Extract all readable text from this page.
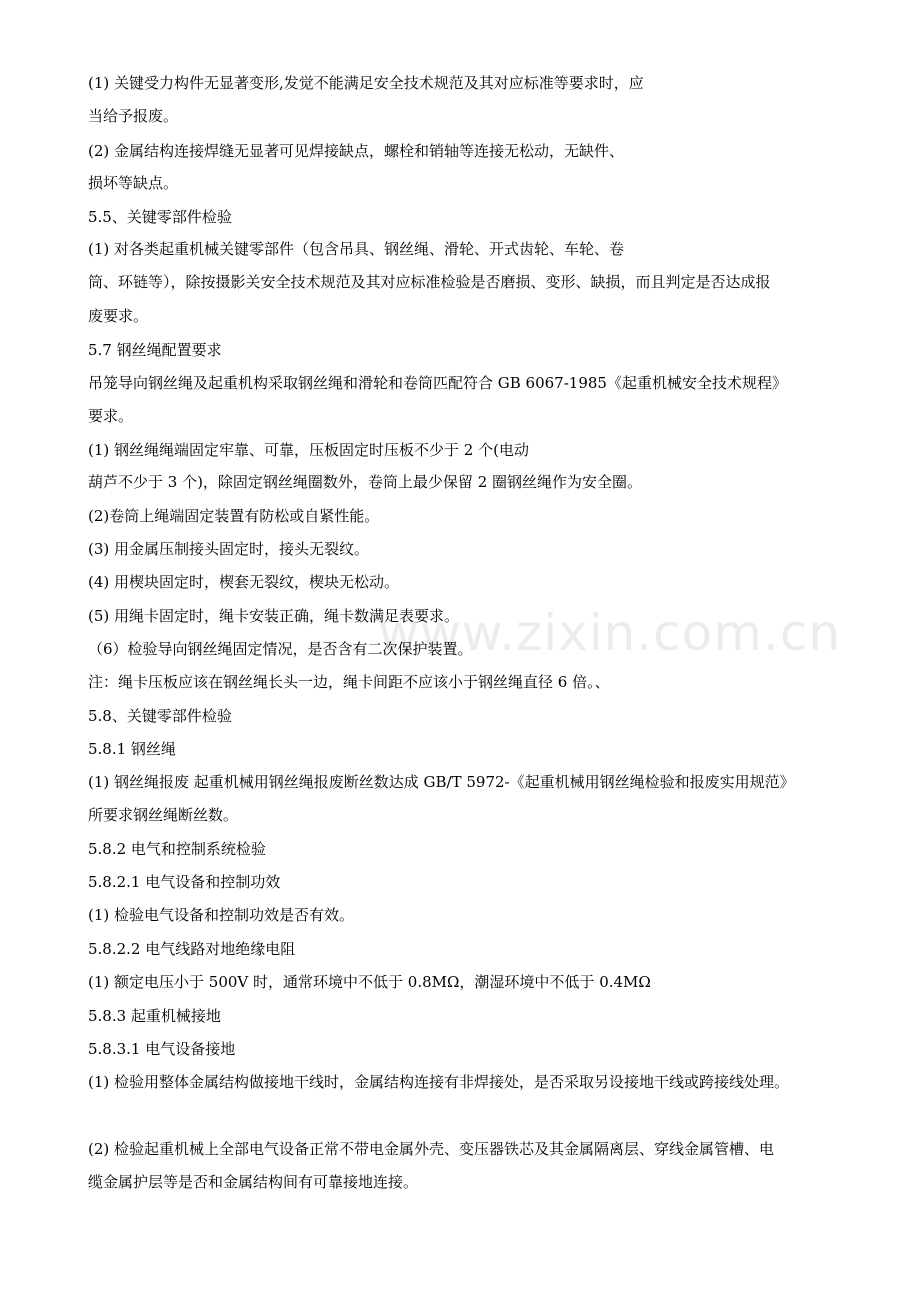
www.zixin.com.cn
(1) 关键受力构件无显著变形,发觉不能满足安全技术规范及其对应标准等要求时，应
当给予报废。
(2) 金属结构连接焊缝无显著可见焊接缺点，螺栓和销轴等连接无松动，无缺件、
损坏等缺点。
5.5、关键零部件检验
(1) 对各类起重机械关键零部件（包含吊具、钢丝绳、滑轮、开式齿轮、车轮、卷
筒、环链等），除按摄影关安全技术规范及其对应标准检验是否磨损、变形、缺损，而且判定是否达成报
废要求。
5.7 钢丝绳配置要求
吊笼导向钢丝绳及起重机构采取钢丝绳和滑轮和卷筒匹配符合 GB 6067-1985《起重机械安全技术规程》
要求。
(1) 钢丝绳绳端固定牢靠、可靠，压板固定时压板不少于 2 个(电动
葫芦不少于 3 个)，除固定钢丝绳圈数外，卷筒上最少保留 2 圈钢丝绳作为安全圈。
(2)卷筒上绳端固定装置有防松或自紧性能。
(3) 用金属压制接头固定时，接头无裂纹。
(4) 用楔块固定时，楔套无裂纹，楔块无松动。
(5) 用绳卡固定时，绳卡安装正确，绳卡数满足表要求。
（6）检验导向钢丝绳固定情况，是否含有二次保护装置。
注：绳卡压板应该在钢丝绳长头一边，绳卡间距不应该小于钢丝绳直径 6 倍。、
5.8、关键零部件检验
5.8.1 钢丝绳
(1) 钢丝绳报废 起重机械用钢丝绳报废断丝数达成 GB/T 5972-《起重机械用钢丝绳检验和报废实用规范》
所要求钢丝绳断丝数。
5.8.2 电气和控制系统检验
5.8.2.1 电气设备和控制功效
(1) 检验电气设备和控制功效是否有效。
5.8.2.2 电气线路对地绝缘电阻
(1) 额定电压小于 500V 时，通常环境中不低于 0.8MΩ，潮湿环境中不低于 0.4MΩ
5.8.3 起重机械接地
5.8.3.1 电气设备接地
(1) 检验用整体金属结构做接地干线时，金属结构连接有非焊接处，是否采取另设接地干线或跨接线处理。
(2) 检验起重机械上全部电气设备正常不带电金属外壳、变压器铁芯及其金属隔离层、穿线金属管槽、电
缆金属护层等是否和金属结构间有可靠接地连接。
